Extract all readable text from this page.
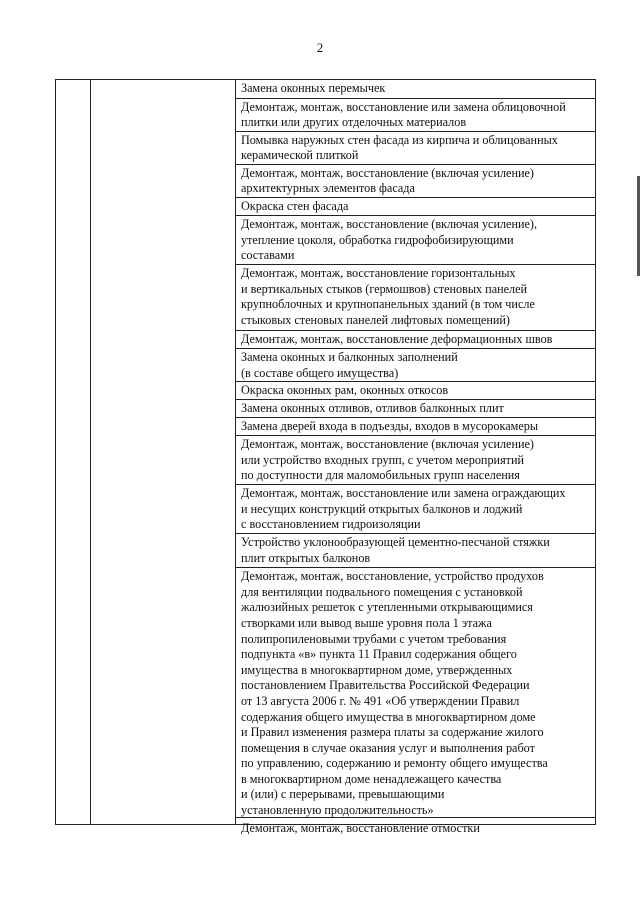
2
Замена оконных перемычек
Демонтаж, монтаж, восстановление или замена облицовочной
плитки или других отделочных материалов
Помывка наружных стен фасада из кирпича и облицованных
керамической плиткой
Демонтаж, монтаж, восстановление (включая усиление)
архитектурных элементов фасада
Окраска стен фасада
Демонтаж, монтаж, восстановление (включая усиление),
утепление цоколя, обработка гидрофобизирующими
составами
Демонтаж, монтаж, восстановление горизонтальных
и вертикальных стыков (гермошвов) стеновых панелей
крупноблочных и крупнопанельных зданий (в том числе
стыковых стеновых панелей лифтовых помещений)
Демонтаж, монтаж, восстановление деформационных швов
Замена оконных и балконных заполнений
(в составе общего имущества)
Окраска оконных рам, оконных откосов
Замена оконных отливов, отливов балконных плит
Замена дверей входа в подъезды, входов в мусорокамеры
Демонтаж, монтаж, восстановление (включая усиление)
или устройство входных групп, с учетом мероприятий
по доступности для маломобильных групп населения
Демонтаж, монтаж, восстановление или замена ограждающих
и несущих конструкций открытых балконов и лоджий
с восстановлением гидроизоляции
Устройство уклонообразующей цементно-песчаной стяжки
плит открытых балконов
Демонтаж, монтаж, восстановление, устройство продухов
для вентиляции подвального помещения с установкой
жалюзийных решеток с утепленными открывающимися
створками или вывод выше уровня пола 1 этажа
полипропиленовыми трубами с учетом требования
подпункта «в» пункта 11 Правил содержания общего
имущества в многоквартирном доме, утвержденных
постановлением Правительства Российской Федерации
от 13 августа 2006 г. № 491 «Об утверждении Правил
содержания общего имущества в многоквартирном доме
и Правил изменения размера платы за содержание жилого
помещения в случае оказания услуг и выполнения работ
по управлению, содержанию и ремонту общего имущества
в многоквартирном доме ненадлежащего качества
и (или) с перерывами, превышающими
установленную продолжительность»
Демонтаж, монтаж, восстановление отмостки
